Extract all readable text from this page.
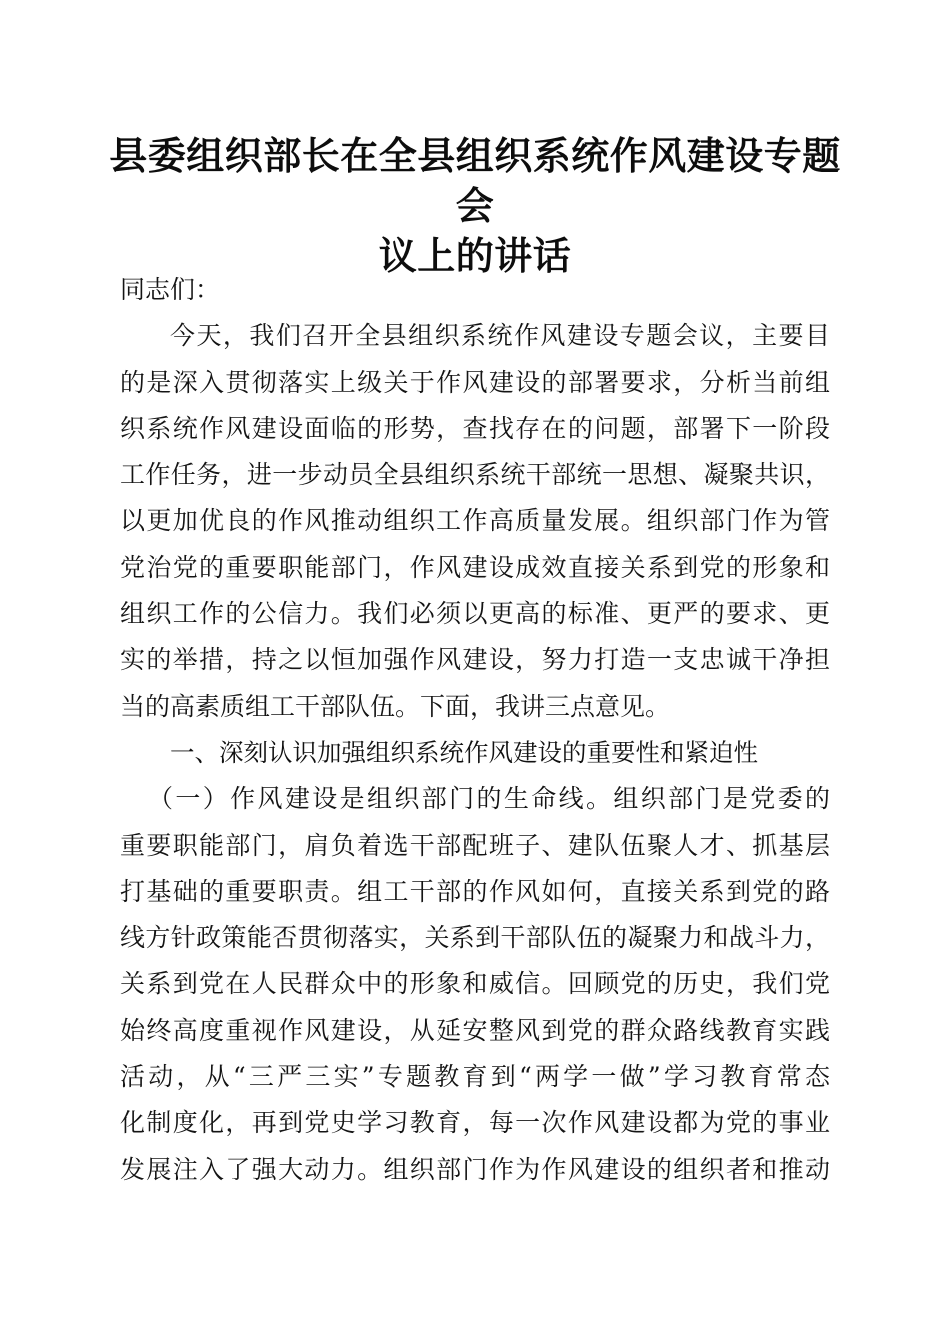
县委组织部长在全县组织系统作风建设专题会
议上的讲话
同志们：
今天，我们召开全县组织系统作风建设专题会议，主要目
的是深入贯彻落实上级关于作风建设的部署要求，分析当前组
织系统作风建设面临的形势，查找存在的问题，部署下一阶段
工作任务，进一步动员全县组织系统干部统一思想、凝聚共识，
以更加优良的作风推动组织工作高质量发展。组织部门作为管
党治党的重要职能部门，作风建设成效直接关系到党的形象和
组织工作的公信力。我们必须以更高的标准、更严的要求、更
实的举措，持之以恒加强作风建设，努力打造一支忠诚干净担
当的高素质组工干部队伍。下面，我讲三点意见。
一、深刻认识加强组织系统作风建设的重要性和紧迫性
（一）作风建设是组织部门的生命线。组织部门是党委的
重要职能部门，肩负着选干部配班子、建队伍聚人才、抓基层
打基础的重要职责。组工干部的作风如何，直接关系到党的路
线方针政策能否贯彻落实，关系到干部队伍的凝聚力和战斗力，
关系到党在人民群众中的形象和威信。回顾党的历史，我们党
始终高度重视作风建设，从延安整风到党的群众路线教育实践
活动，从“三严三实”专题教育到“两学一做”学习教育常态
化制度化，再到党史学习教育，每一次作风建设都为党的事业
发展注入了强大动力。组织部门作为作风建设的组织者和推动
